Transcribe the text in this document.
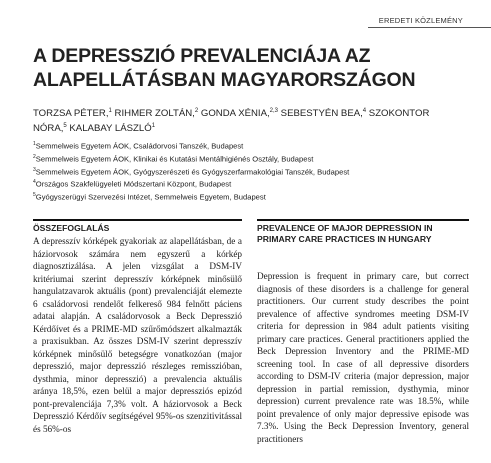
EREDETI KÖZLEMÉNY
A DEPRESSZIÓ PREVALENCIÁJA AZ ALAPELLÁTÁSBAN MAGYARORSZÁGON
TORZSA PÉTER,$^1$ RIHMER ZOLTÁN,$^2$ GONDA XÉNIA,$^{2,3}$ SEBESTYÉN BEA,$^4$ SZOKONTOR NÓRA,$^5$ KALABAY LÁSZLÓ$^1$
$^1$Semmelweis Egyetem ÁOK, Családorvosi Tanszék, Budapest
$^2$Semmelweis Egyetem ÁOK, Klinikai és Kutatási Mentálhigiénés Osztály, Budapest
$^3$Semmelweis Egyetem ÁOK, Gyógyszerészeti és Gyógyszerfarmakológiai Tanszék, Budapest
$^4$Országos Szakfelügyeleti Módszertani Központ, Budapest
$^5$Gyógyszerügyi Szervezési Intézet, Semmelweis Egyetem, Budapest
ÖSSZEFOGLALÁS

A depresszív kórképek gyakoriak az alapellátásban, de a háziorvosok számára nem egyszerű a kórkép diagnosztizálása. A jelen vizsgálat a DSM-IV kritériumai szerint depresszív kórképnek minősülő hangulatzavarok aktuális (pont) prevalenciáját elemezte 6 családorvosi rendelőt felkereső 984 felnőtt páciens adatai alapján. A családorvosok a Beck Depresszió Kérdőívet és a PRIME-MD szűrőmódszert alkalmazták a praxisukban. Az összes DSM-IV szerint depresszív kórképnek minősülő betegségre vonatkozóan (major depresszió, major depresszió részleges remisszióban, dysthmia, minor depresszió) a prevalencia aktuális aránya 18,5%, ezen belül a major depressziós epizód pont-prevalenciája 7,3% volt. A háziorvosok a Beck Depresszió Kérdőív segítségével 95%-os szenzitivitással és 56%-os

PREVALENCE OF MAJOR DEPRESSION IN PRIMARY CARE PRACTICES IN HUNGARY

Depression is frequent in primary care, but correct diagnosis of these disorders is a challenge for general practitioners. Our current study describes the point prevalence of affective syndromes meeting DSM-IV criteria for depression in 984 adult patients visiting primary care practices. General practitioners applied the Beck Depression Inventory and the PRIME-MD screening tool. In case of all depressive disorders according to DSM-IV criteria (major depression, major depression in partial remission, dysthymia, minor depression) current prevalence rate was 18.5%, while point prevalence of only major depressive episode was 7.3%. Using the Beck Depression Inventory, general practitioners
